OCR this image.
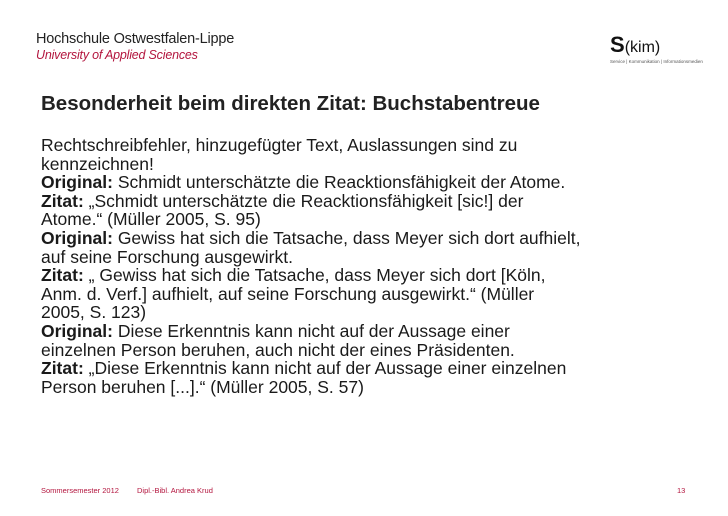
Hochschule Ostwestfalen-Lippe
University of Applied Sciences	S(kim)
Service | Kommunikation | Informationsmedien
Besonderheit beim direkten Zitat: Buchstabentreue

Rechtschreibfehler, hinzugefügter Text, Auslassungen sind zu
kennzeichnen!

Original: Schmidt unterschätzte die Reacktionsfähigkeit der Atome.

Zitat: „Schmidt unterschätzte die Reacktionsfähigkeit [sic!] der
Atome.“ (Müller 2005, S. 95)

Original: Gewiss hat sich die Tatsache, dass Meyer sich dort aufhielt,
auf seine Forschung ausgewirkt.

Zitat: „ Gewiss hat sich die Tatsache, dass Meyer sich dort [Köln,
Anm. d. Verf.] aufhielt, auf seine Forschung ausgewirkt.“ (Müller
2005, S. 123)

Original: Diese Erkenntnis kann nicht auf der Aussage einer
einzelnen Person beruhen, auch nicht der eines Präsidenten.

Zitat: „Diese Erkenntnis kann nicht auf der Aussage einer einzelnen
Person beruhen [...].“ (Müller 2005, S. 57)

Sommersemester 2012 Dipl.-Bibl. Andrea Krud	13
